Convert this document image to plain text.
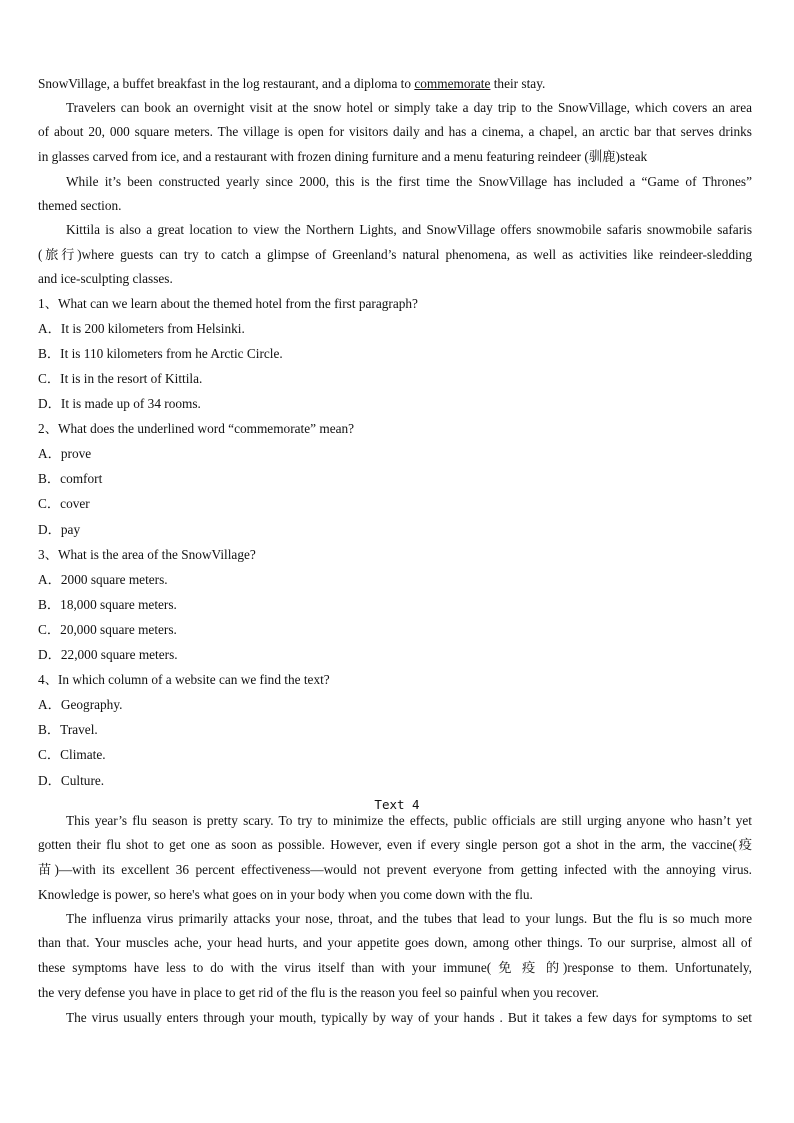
SnowVillage, a buffet breakfast in the log restaurant, and a diploma to commemorate their stay.
Travelers can book an overnight visit at the snow hotel or simply take a day trip to the SnowVillage, which covers an area
of about 20, 000 square meters. The village is open for visitors daily and has a cinema, a chapel, an arctic bar that serves drinks
in glasses carved from ice, and a restaurant with frozen dining furniture and a menu featuring reindeer (驯鹿)steak
While it’s been constructed yearly since 2000, this is the first time the SnowVillage has included a “Game of Thrones”
themed section.
Kittila is also a great location to view the Northern Lights, and SnowVillage offers snowmobile safaris snowmobile safaris
(旅行)where guests can try to catch a glimpse of Greenland’s natural phenomena, as well as activities like reindeer-sledding
and ice-sculpting classes.
1、What can we learn about the themed hotel from the first paragraph?
A．It is 200 kilometers from Helsinki.
B．It is 110 kilometers from he Arctic Circle.
C．It is in the resort of Kittila.
D．It is made up of 34 rooms.
2、What does the underlined word “commemorate” mean?
A．prove
B．comfort
C．cover
D．pay
3、What is the area of the SnowVillage?
A．2000 square meters.
B．18,000 square meters.
C．20,000 square meters.
D．22,000 square meters.
4、In which column of a website can we find the text?
A．Geography.
B．Travel.
C．Climate.
D．Culture.
Text 4
This year’s flu season is pretty scary. To try to minimize the effects, public officials are still urging anyone who hasn’t yet
gotten their flu shot to get one as soon as possible. However, even if every single person got a shot in the arm, the vaccine(疫
苗)—with its excellent 36 percent effectiveness—would not prevent everyone from getting infected with the annoying virus.
Knowledge is power, so here's what goes on in your body when you come down with the flu.
The influenza virus primarily attacks your nose, throat, and the tubes that lead to your lungs. But the flu is so much more
than that. Your muscles ache, your head hurts, and your appetite goes down, among other things. To our surprise, almost all of
these symptoms have less to do with the virus itself than with your immune( 免 疫 的)response to them. Unfortunately,
the very defense you have in place to get rid of the flu is the reason you feel so painful when you recover.
The virus usually enters through your mouth, typically by way of your hands . But it takes a few days for symptoms to set
